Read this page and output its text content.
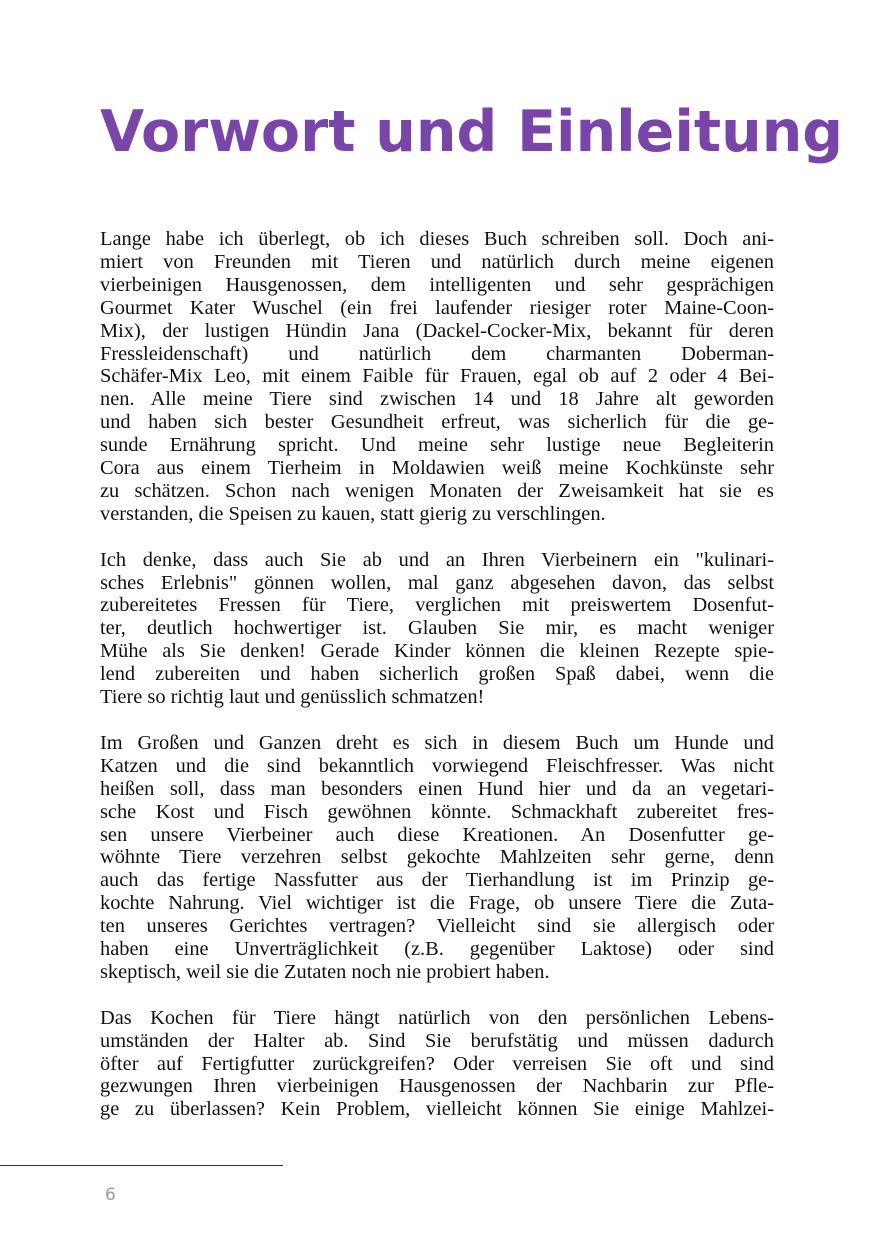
Vorwort und Einleitung

Lange habe ich überlegt, ob ich dieses Buch schreiben soll. Doch ani-
miert von Freunden mit Tieren und natürlich durch meine eigenen
vierbeinigen Hausgenossen, dem intelligenten und sehr gesprächigen
Gourmet Kater Wuschel (ein frei laufender riesiger roter Maine-Coon-
Mix), der lustigen Hündin Jana (Dackel-Cocker-Mix, bekannt für deren
Fressleidenschaft) und natürlich dem charmanten Doberman-
Schäfer-Mix Leo, mit einem Faible für Frauen, egal ob auf 2 oder 4 Bei-
nen. Alle meine Tiere sind zwischen 14 und 18 Jahre alt geworden
und haben sich bester Gesundheit erfreut, was sicherlich für die ge-
sunde Ernährung spricht. Und meine sehr lustige neue Begleiterin
Cora aus einem Tierheim in Moldawien weiß meine Kochkünste sehr
zu schätzen. Schon nach wenigen Monaten der Zweisamkeit hat sie es
verstanden, die Speisen zu kauen, statt gierig zu verschlingen.

Ich denke, dass auch Sie ab und an Ihren Vierbeinern ein "kulinari-
sches Erlebnis" gönnen wollen, mal ganz abgesehen davon, das selbst
zubereitetes Fressen für Tiere, verglichen mit preiswertem Dosenfut-
ter, deutlich hochwertiger ist. Glauben Sie mir, es macht weniger
Mühe als Sie denken! Gerade Kinder können die kleinen Rezepte spie-
lend zubereiten und haben sicherlich großen Spaß dabei, wenn die
Tiere so richtig laut und genüsslich schmatzen!

Im Großen und Ganzen dreht es sich in diesem Buch um Hunde und
Katzen und die sind bekanntlich vorwiegend Fleischfresser. Was nicht
heißen soll, dass man besonders einen Hund hier und da an vegetari-
sche Kost und Fisch gewöhnen könnte. Schmackhaft zubereitet fres-
sen unsere Vierbeiner auch diese Kreationen. An Dosenfutter ge-
wöhnte Tiere verzehren selbst gekochte Mahlzeiten sehr gerne, denn
auch das fertige Nassfutter aus der Tierhandlung ist im Prinzip ge-
kochte Nahrung. Viel wichtiger ist die Frage, ob unsere Tiere die Zuta-
ten unseres Gerichtes vertragen? Vielleicht sind sie allergisch oder
haben eine Unverträglichkeit (z.B. gegenüber Laktose) oder sind
skeptisch, weil sie die Zutaten noch nie probiert haben.

Das Kochen für Tiere hängt natürlich von den persönlichen Lebens-
umständen der Halter ab. Sind Sie berufstätig und müssen dadurch
öfter auf Fertigfutter zurückgreifen? Oder verreisen Sie oft und sind
gezwungen Ihren vierbeinigen Hausgenossen der Nachbarin zur Pfle-
ge zu überlassen? Kein Problem, vielleicht können Sie einige Mahlzei-

6
